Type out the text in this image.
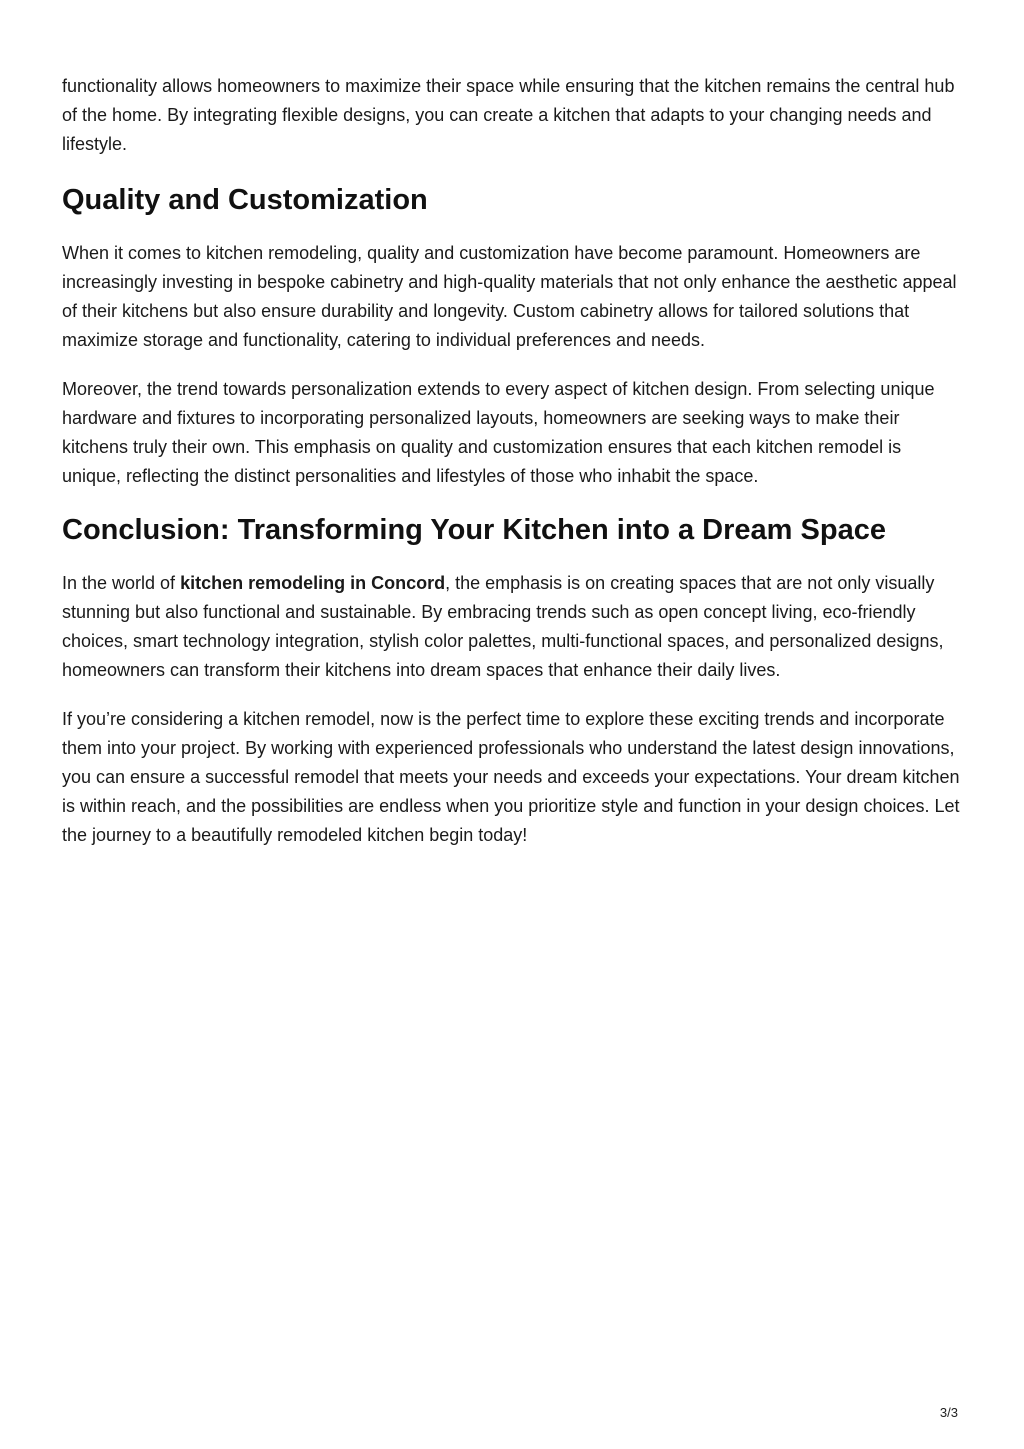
functionality allows homeowners to maximize their space while ensuring that the kitchen remains the central hub of the home. By integrating flexible designs, you can create a kitchen that adapts to your changing needs and lifestyle.

Quality and Customization

When it comes to kitchen remodeling, quality and customization have become paramount. Homeowners are increasingly investing in bespoke cabinetry and high-quality materials that not only enhance the aesthetic appeal of their kitchens but also ensure durability and longevity. Custom cabinetry allows for tailored solutions that maximize storage and functionality, catering to individual preferences and needs.

Moreover, the trend towards personalization extends to every aspect of kitchen design. From selecting unique hardware and fixtures to incorporating personalized layouts, homeowners are seeking ways to make their kitchens truly their own. This emphasis on quality and customization ensures that each kitchen remodel is unique, reflecting the distinct personalities and lifestyles of those who inhabit the space.

Conclusion: Transforming Your Kitchen into a Dream Space

In the world of kitchen remodeling in Concord, the emphasis is on creating spaces that are not only visually stunning but also functional and sustainable. By embracing trends such as open concept living, eco-friendly choices, smart technology integration, stylish color palettes, multi-functional spaces, and personalized designs, homeowners can transform their kitchens into dream spaces that enhance their daily lives.

If you’re considering a kitchen remodel, now is the perfect time to explore these exciting trends and incorporate them into your project. By working with experienced professionals who understand the latest design innovations, you can ensure a successful remodel that meets your needs and exceeds your expectations. Your dream kitchen is within reach, and the possibilities are endless when you prioritize style and function in your design choices. Let the journey to a beautifully remodeled kitchen begin today!

3/3
